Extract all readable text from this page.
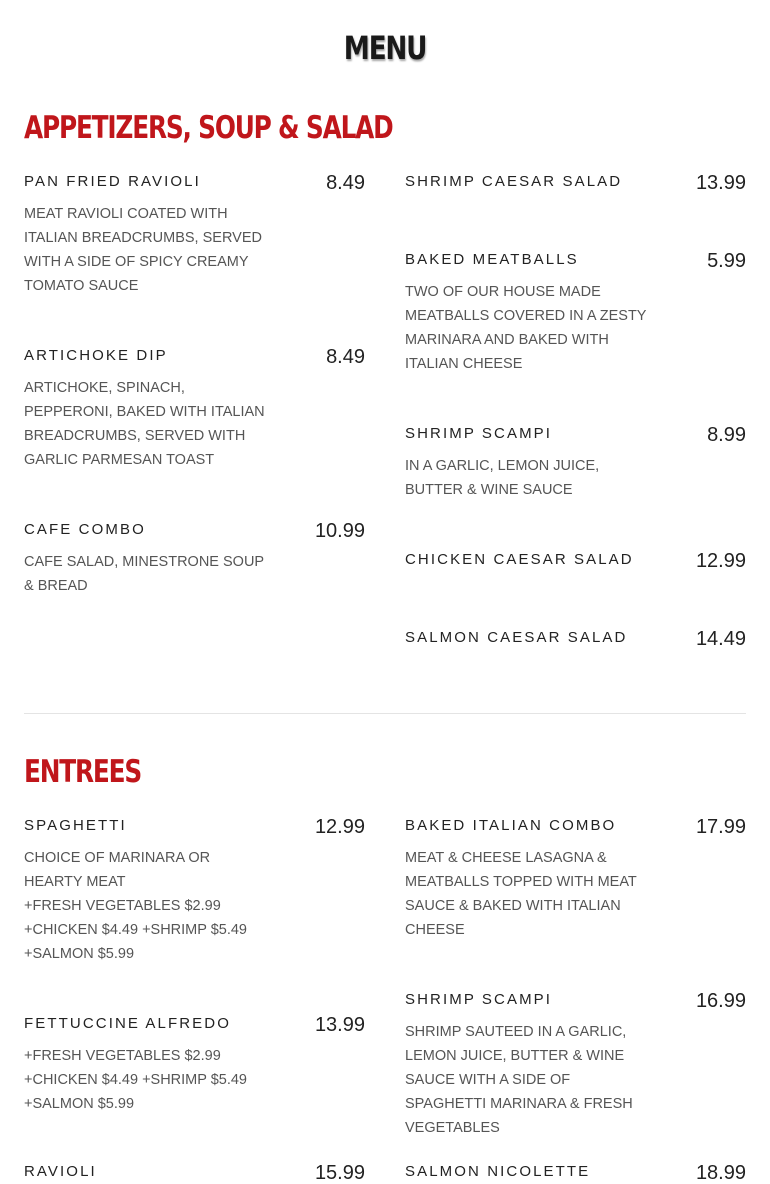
MENU
APPETIZERS, SOUP & SALAD
PAN FRIED RAVIOLI	8.49
MEAT RAVIOLI COATED WITH ITALIAN BREADCRUMBS, SERVED WITH A SIDE OF SPICY CREAMY TOMATO SAUCE
ARTICHOKE DIP	8.49
ARTICHOKE, SPINACH, PEPPERONI, BAKED WITH ITALIAN BREADCRUMBS, SERVED WITH GARLIC PARMESAN TOAST
CAFE COMBO	10.99
CAFE SALAD, MINESTRONE SOUP & BREAD
SHRIMP CAESAR SALAD	13.99
BAKED MEATBALLS	5.99
TWO OF OUR HOUSE MADE MEATBALLS COVERED IN A ZESTY MARINARA AND BAKED WITH ITALIAN CHEESE
SHRIMP SCAMPI	8.99
IN A GARLIC, LEMON JUICE, BUTTER & WINE SAUCE
CHICKEN CAESAR SALAD	12.99
SALMON CAESAR SALAD	14.49
ENTREES
SPAGHETTI	12.99
CHOICE OF MARINARA OR HEARTY MEAT
+FRESH VEGETABLES $2.99
+CHICKEN $4.49 +SHRIMP $5.49
+SALMON $5.99
FETTUCCINE ALFREDO	13.99
+FRESH VEGETABLES $2.99
+CHICKEN $4.49 +SHRIMP $5.49
+SALMON $5.99
RAVIOLI	15.99
BAKED ITALIAN COMBO	17.99
MEAT & CHEESE LASAGNA & MEATBALLS TOPPED WITH MEAT SAUCE & BAKED WITH ITALIAN CHEESE
SHRIMP SCAMPI	16.99
SHRIMP SAUTEED IN A GARLIC, LEMON JUICE, BUTTER & WINE SAUCE WITH A SIDE OF SPAGHETTI MARINARA & FRESH VEGETABLES
SALMON NICOLETTE	18.99
